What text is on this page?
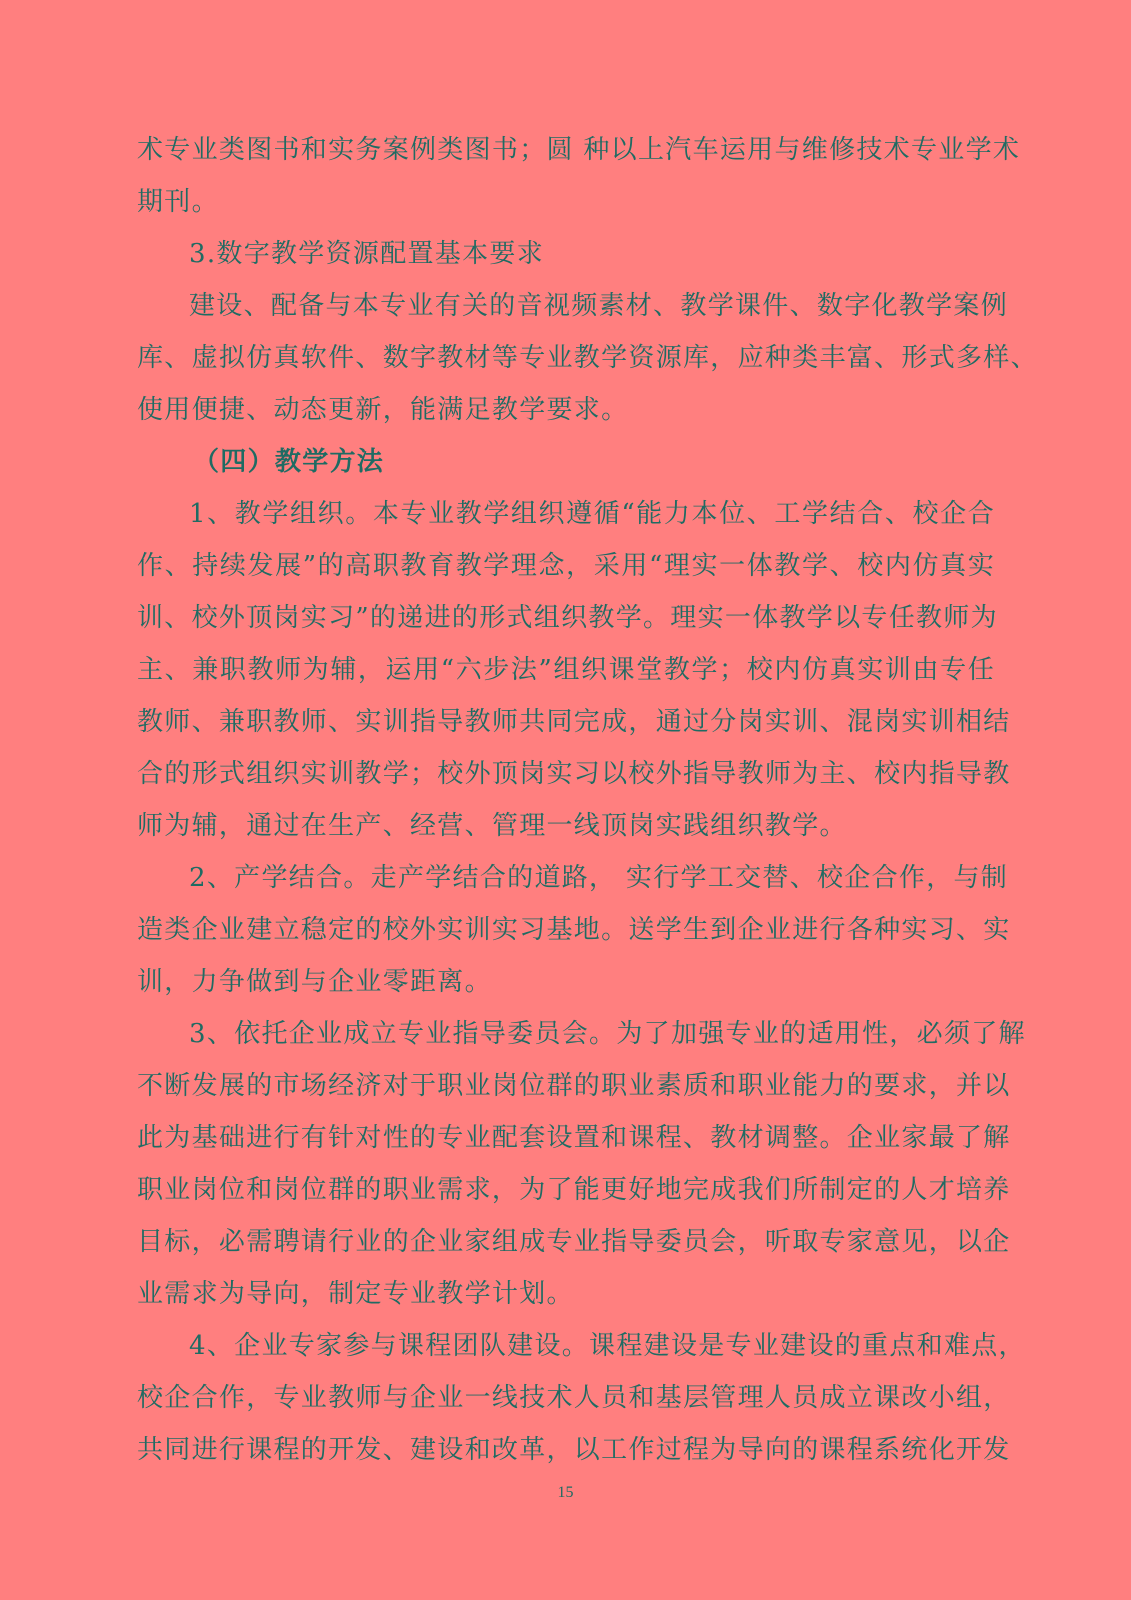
术专业类图书和实务案例类图书；圆 种以上汽车运用与维修技术专业学术
期刊。
3.数字教学资源配置基本要求
建设、配备与本专业有关的音视频素材、教学课件、数字化教学案例
库、虚拟仿真软件、数字教材等专业教学资源库，应种类丰富、形式多样、
使用便捷、动态更新，能满足教学要求。
（四）教学方法
1、教学组织。本专业教学组织遵循“能力本位、工学结合、校企合
作、持续发展”的高职教育教学理念，采用“理实一体教学、校内仿真实
训、校外顶岗实习”的递进的形式组织教学。理实一体教学以专任教师为
主、兼职教师为辅，运用“六步法”组织课堂教学；校内仿真实训由专任
教师、兼职教师、实训指导教师共同完成，通过分岗实训、混岗实训相结
合的形式组织实训教学；校外顶岗实习以校外指导教师为主、校内指导教
师为辅，通过在生产、经营、管理一线顶岗实践组织教学。
2、产学结合。走产学结合的道路， 实行学工交替、校企合作，与制
造类企业建立稳定的校外实训实习基地。送学生到企业进行各种实习、实
训，力争做到与企业零距离。
3、依托企业成立专业指导委员会。为了加强专业的适用性，必须了解
不断发展的市场经济对于职业岗位群的职业素质和职业能力的要求，并以
此为基础进行有针对性的专业配套设置和课程、教材调整。企业家最了解
职业岗位和岗位群的职业需求，为了能更好地完成我们所制定的人才培养
目标，必需聘请行业的企业家组成专业指导委员会，听取专家意见，以企
业需求为导向，制定专业教学计划。
4、企业专家参与课程团队建设。课程建设是专业建设的重点和难点，
校企合作，专业教师与企业一线技术人员和基层管理人员成立课改小组，
共同进行课程的开发、建设和改革，以工作过程为导向的课程系统化开发
15
